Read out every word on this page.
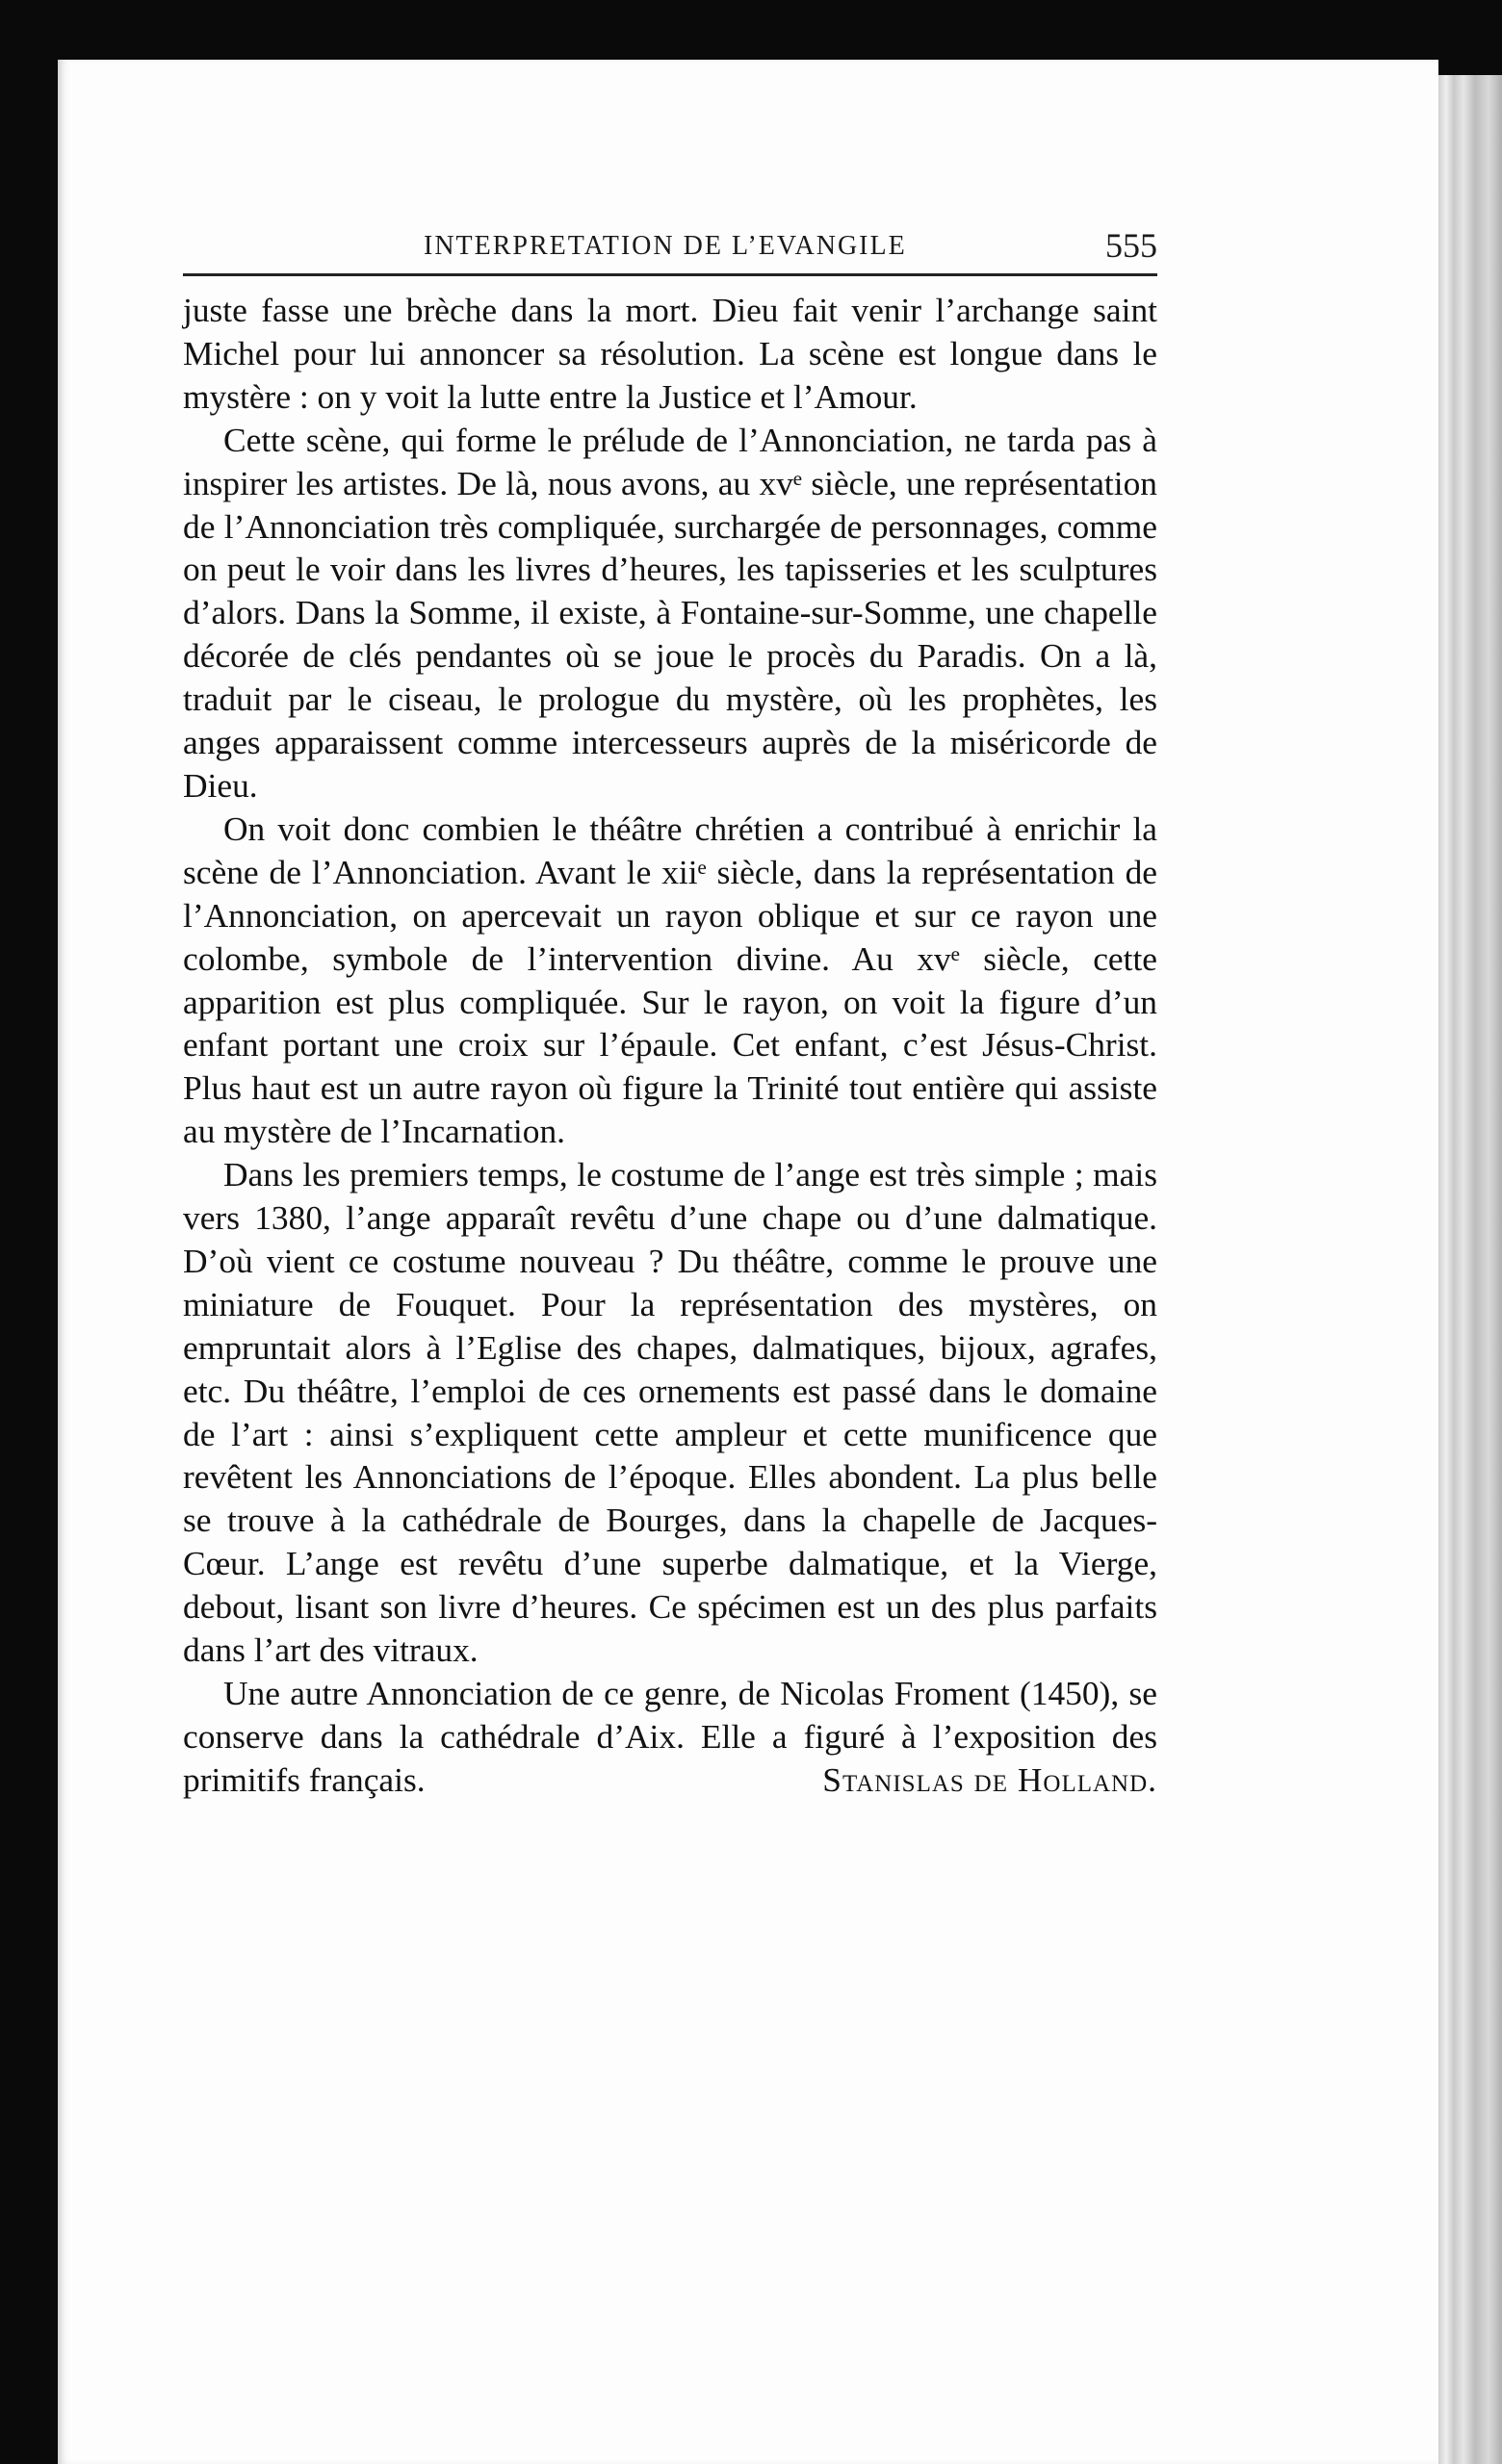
INTERPRETATION DE L’EVANGILE	555

juste fasse une brèche dans la mort. Dieu fait venir l’archange saint Michel pour lui annoncer sa résolution. La scène est longue dans le mystère : on y voit la lutte entre la Justice et l’Amour.

Cette scène, qui forme le prélude de l’Annonciation, ne tarda pas à inspirer les artistes. De là, nous avons, au xvᵉ siècle, une représentation de l’Annonciation très compliquée, surchargée de personnages, comme on peut le voir dans les livres d’heures, les tapisseries et les sculptures d’alors. Dans la Somme, il existe, à Fontaine-sur-Somme, une chapelle décorée de clés pendantes où se joue le procès du Paradis. On a là, traduit par le ciseau, le prologue du mystère, où les prophètes, les anges apparaissent comme intercesseurs auprès de la miséricorde de Dieu.

On voit donc combien le théâtre chrétien a contribué à enrichir la scène de l’Annonciation. Avant le xiiᵉ siècle, dans la représentation de l’Annonciation, on apercevait un rayon oblique et sur ce rayon une colombe, symbole de l’intervention divine. Au xvᵉ siècle, cette apparition est plus compliquée. Sur le rayon, on voit la figure d’un enfant portant une croix sur l’épaule. Cet enfant, c’est Jésus-Christ. Plus haut est un autre rayon où figure la Trinité tout entière qui assiste au mystère de l’Incarnation.

Dans les premiers temps, le costume de l’ange est très simple ; mais vers 1380, l’ange apparaît revêtu d’une chape ou d’une dalmatique. D’où vient ce costume nouveau ? Du théâtre, comme le prouve une miniature de Fouquet. Pour la représentation des mystères, on empruntait alors à l’Eglise des chapes, dalmatiques, bijoux, agrafes, etc. Du théâtre, l’emploi de ces ornements est passé dans le domaine de l’art : ainsi s’expliquent cette ampleur et cette munificence que revêtent les Annonciations de l’époque. Elles abondent. La plus belle se trouve à la cathédrale de Bourges, dans la chapelle de Jacques-Cœur. L’ange est revêtu d’une superbe dalmatique, et la Vierge, debout, lisant son livre d’heures. Ce spécimen est un des plus parfaits dans l’art des vitraux.

Une autre Annonciation de ce genre, de Nicolas Froment (1450), se conserve dans la cathédrale d’Aix. Elle a figuré à l’exposition des primitifs français.	Stanislas de Holland.
